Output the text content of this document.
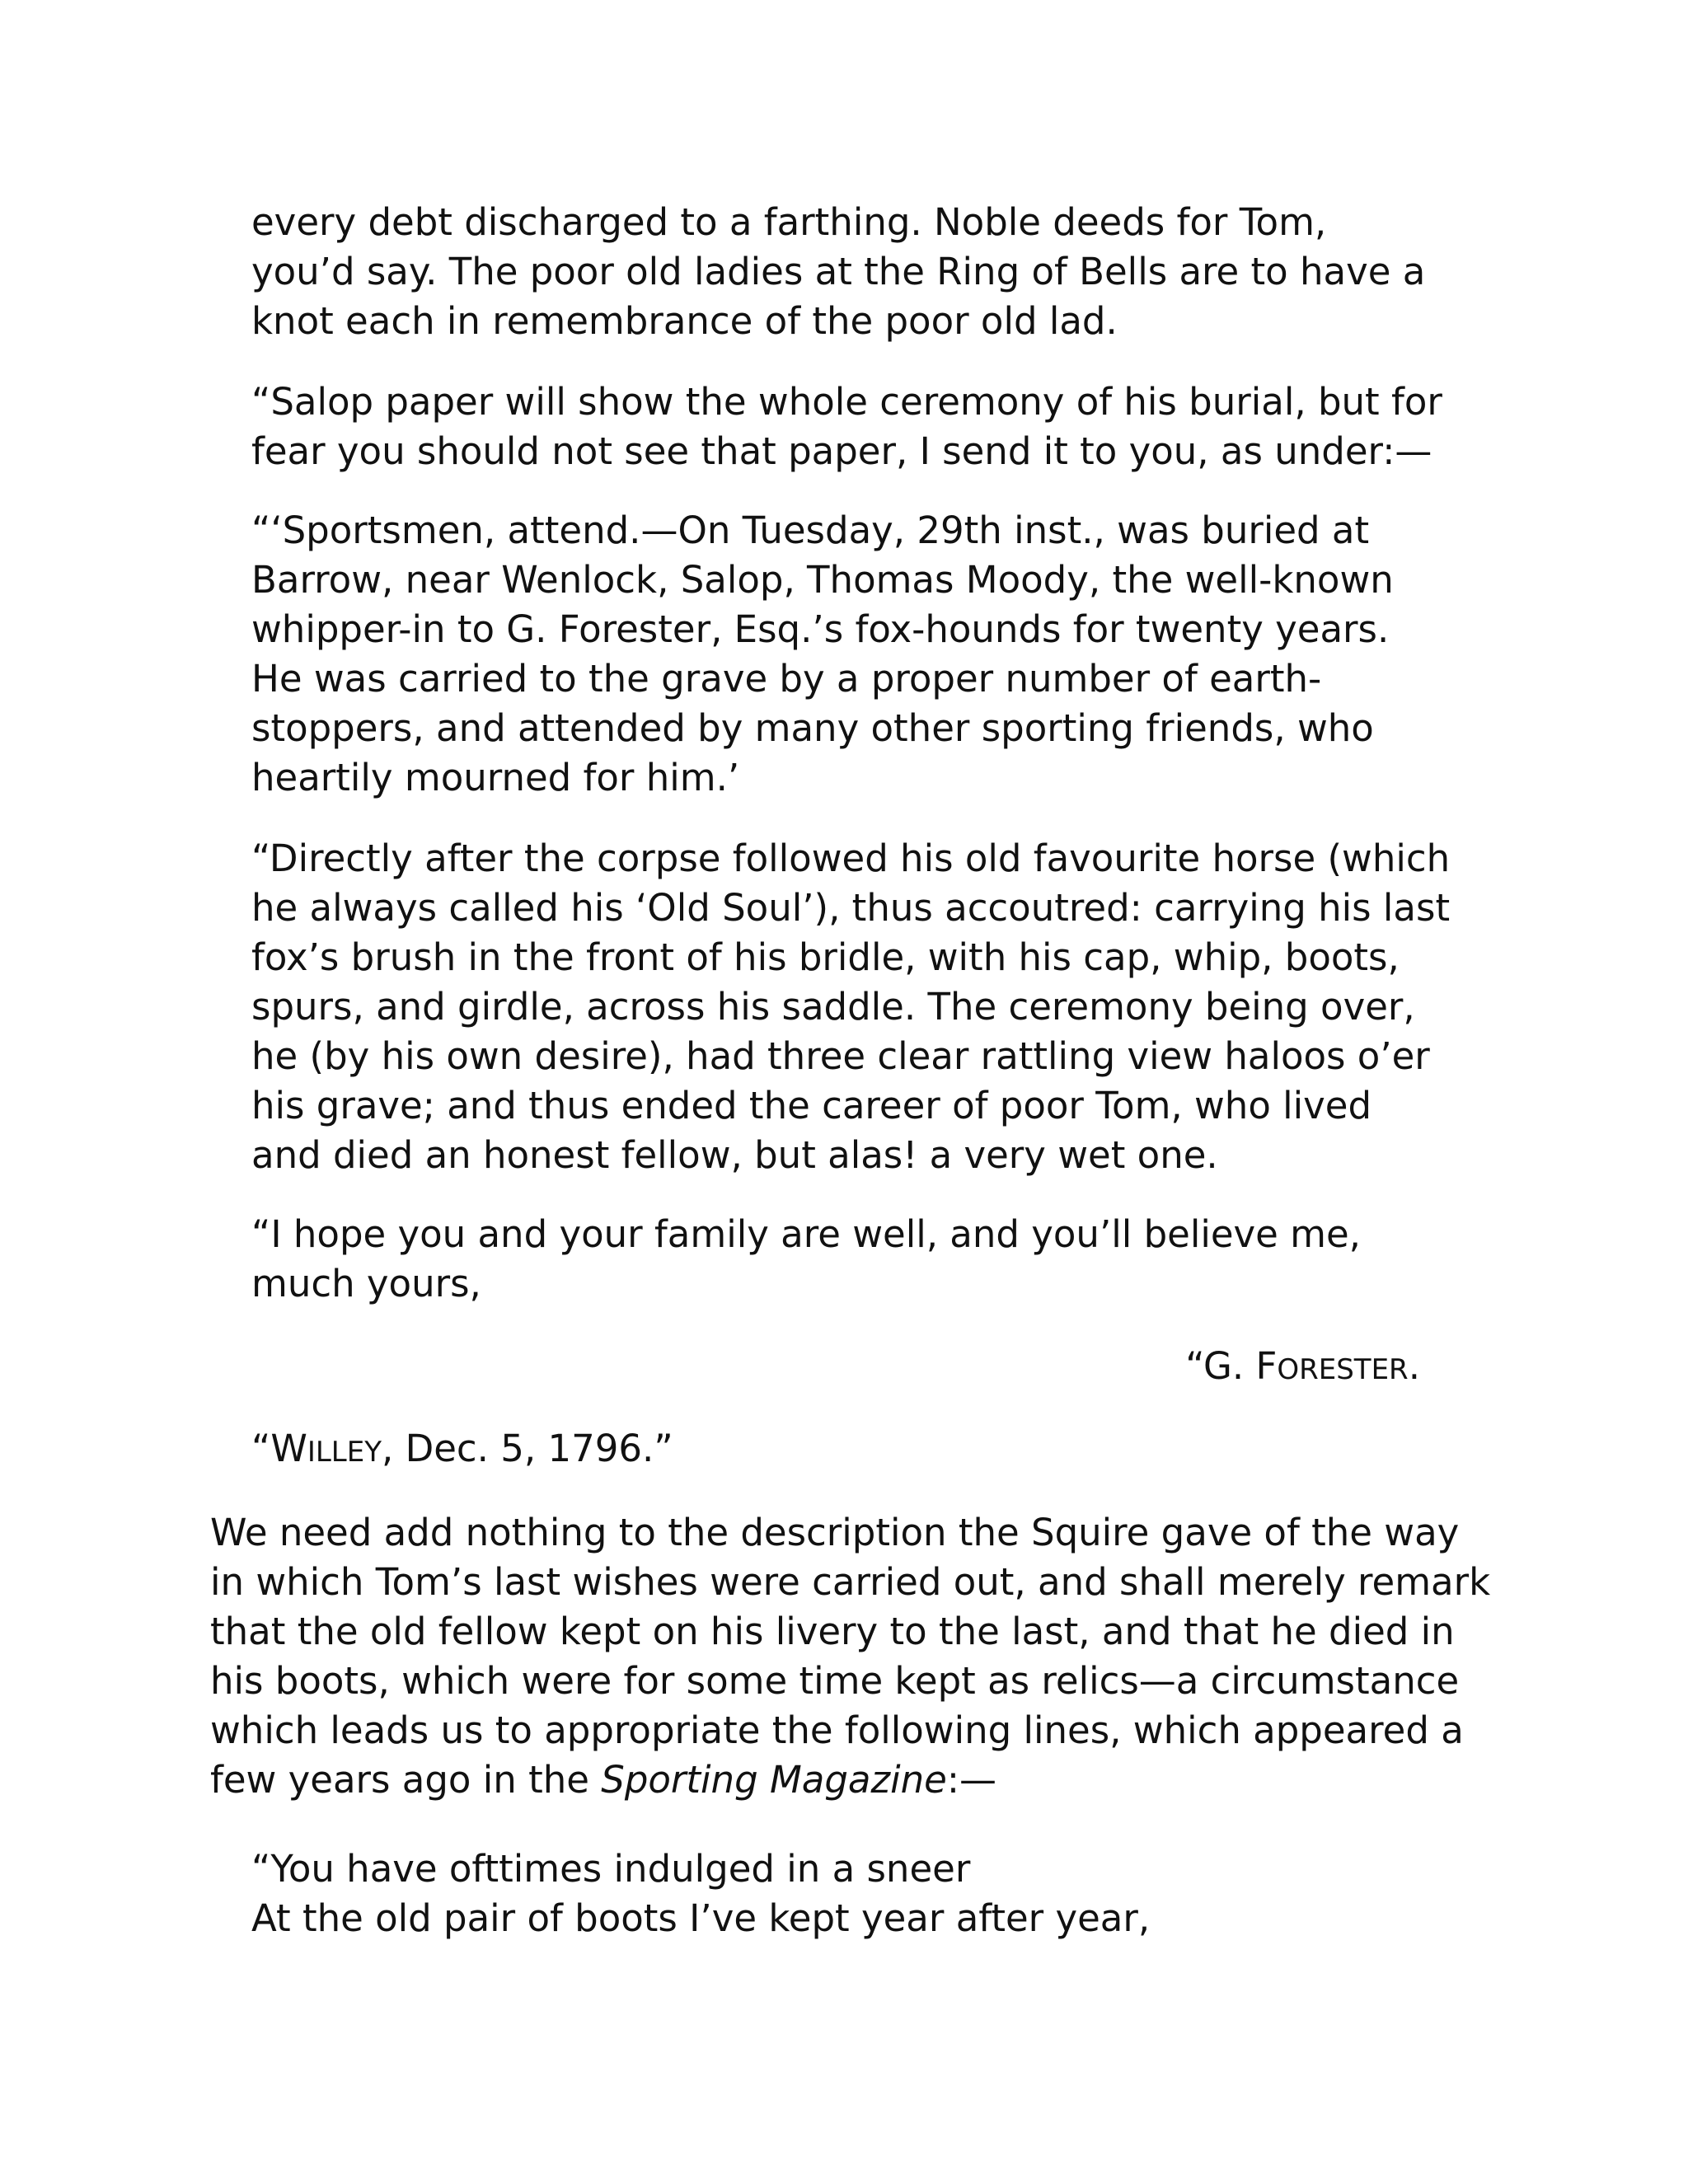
every debt discharged to a farthing. Noble deeds for Tom,
you’d say. The poor old ladies at the Ring of Bells are to have a
knot each in remembrance of the poor old lad.
“Salop paper will show the whole ceremony of his burial, but for
fear you should not see that paper, I send it to you, as under:—
“‘Sportsmen, attend.—On Tuesday, 29th inst., was buried at
Barrow, near Wenlock, Salop, Thomas Moody, the well-known
whipper-in to G. Forester, Esq.’s fox-hounds for twenty years.
He was carried to the grave by a proper number of earth-
stoppers, and attended by many other sporting friends, who
heartily mourned for him.’
“Directly after the corpse followed his old favourite horse (which
he always called his ‘Old Soul’), thus accoutred: carrying his last
fox’s brush in the front of his bridle, with his cap, whip, boots,
spurs, and girdle, across his saddle. The ceremony being over,
he (by his own desire), had three clear rattling view haloos o’er
his grave; and thus ended the career of poor Tom, who lived
and died an honest fellow, but alas! a very wet one.
“I hope you and your family are well, and you’ll believe me,
much yours,
“G. FORESTER.
“WILLEY, Dec. 5, 1796.”
We need add nothing to the description the Squire gave of the way
in which Tom’s last wishes were carried out, and shall merely remark
that the old fellow kept on his livery to the last, and that he died in
his boots, which were for some time kept as relics—a circumstance
which leads us to appropriate the following lines, which appeared a
few years ago in the Sporting Magazine:—
“You have ofttimes indulged in a sneer
At the old pair of boots I’ve kept year after year,
